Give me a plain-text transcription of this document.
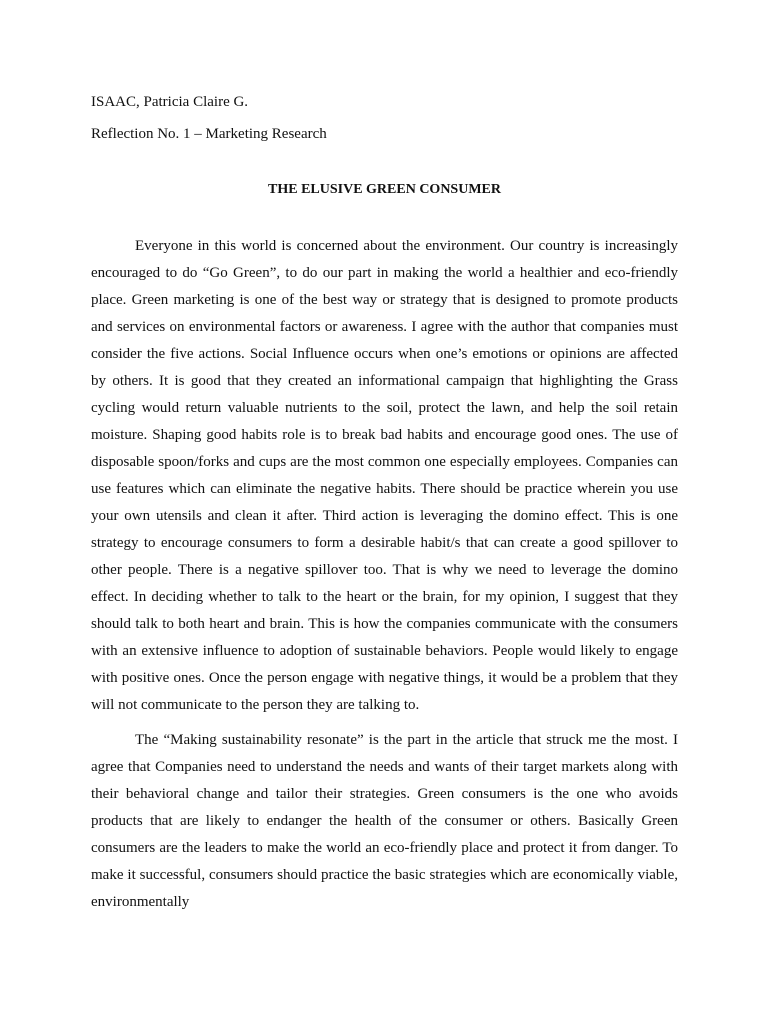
ISAAC, Patricia Claire G.

Reflection No. 1 – Marketing Research

THE ELUSIVE GREEN CONSUMER

Everyone in this world is concerned about the environment. Our country is increasingly encouraged to do “Go Green”, to do our part in making the world a healthier and eco-friendly place. Green marketing is one of the best way or strategy that is designed to promote products and services on environmental factors or awareness. I agree with the author that companies must consider the five actions. Social Influence occurs when one’s emotions or opinions are affected by others. It is good that they created an informational campaign that highlighting the Grass cycling would return valuable nutrients to the soil, protect the lawn, and help the soil retain moisture. Shaping good habits role is to break bad habits and encourage good ones. The use of disposable spoon/forks and cups are the most common one especially employees. Companies can use features which can eliminate the negative habits. There should be practice wherein you use your own utensils and clean it after. Third action is leveraging the domino effect. This is one strategy to encourage consumers to form a desirable habit/s that can create a good spillover to other people. There is a negative spillover too. That is why we need to leverage the domino effect. In deciding whether to talk to the heart or the brain, for my opinion, I suggest that they should talk to both heart and brain. This is how the companies communicate with the consumers with an extensive influence to adoption of sustainable behaviors. People would likely to engage with positive ones. Once the person engage with negative things, it would be a problem that they will not communicate to the person they are talking to.

The “Making sustainability resonate” is the part in the article that struck me the most. I agree that Companies need to understand the needs and wants of their target markets along with their behavioral change and tailor their strategies. Green consumers is the one who avoids products that are likely to endanger the health of the consumer or others. Basically Green consumers are the leaders to make the world an eco-friendly place and protect it from danger. To make it successful, consumers should practice the basic strategies which are economically viable, environmentally
